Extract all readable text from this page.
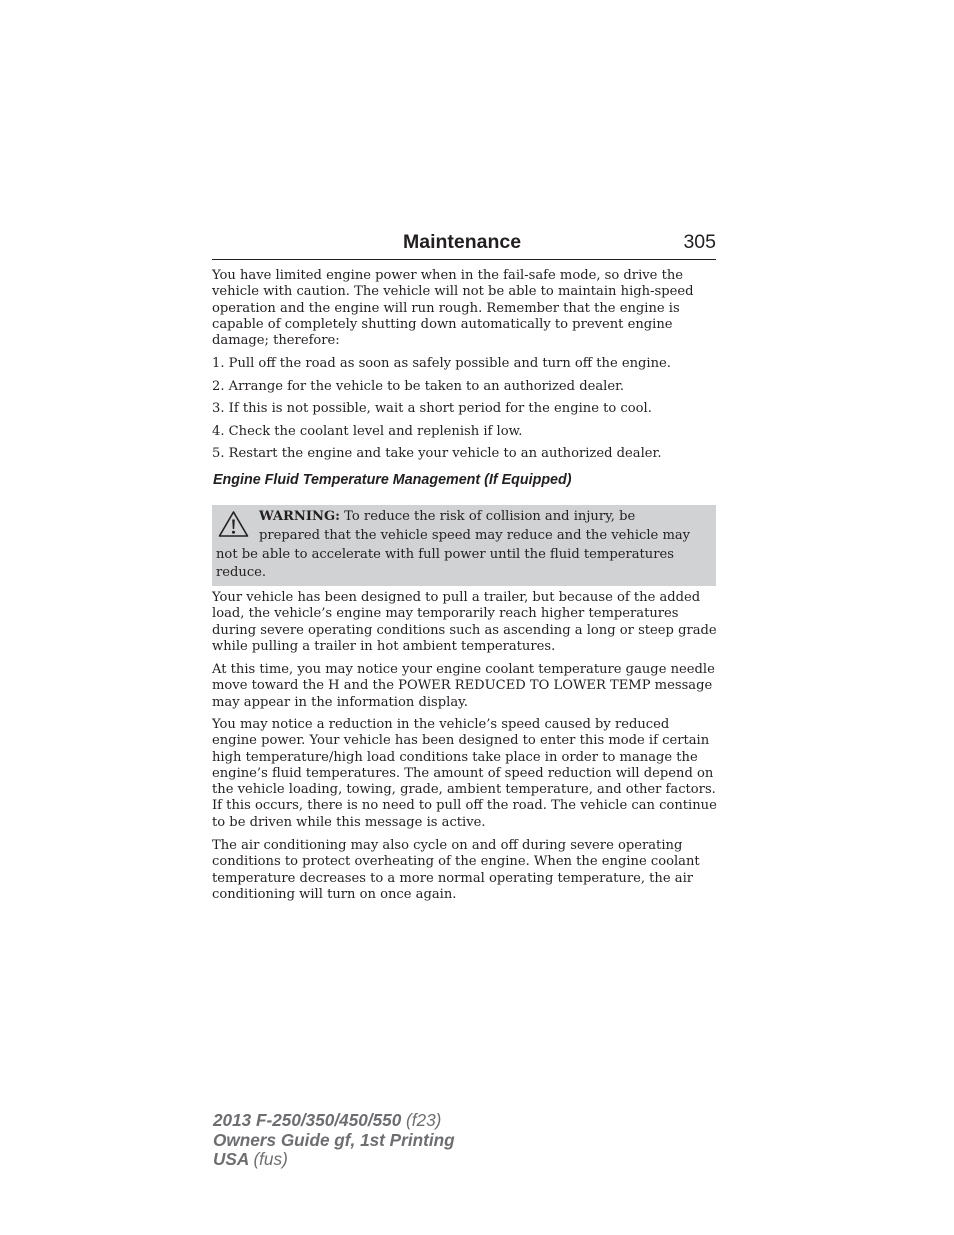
Maintenance	305

You have limited engine power when in the fail-safe mode, so drive the vehicle with caution. The vehicle will not be able to maintain high-speed operation and the engine will run rough. Remember that the engine is capable of completely shutting down automatically to prevent engine damage; therefore:

1. Pull off the road as soon as safely possible and turn off the engine.

2. Arrange for the vehicle to be taken to an authorized dealer.

3. If this is not possible, wait a short period for the engine to cool.

4. Check the coolant level and replenish if low.

5. Restart the engine and take your vehicle to an authorized dealer.

Engine Fluid Temperature Management (If Equipped)
WARNING: To reduce the risk of collision and injury, be

prepared that the vehicle speed may reduce and the vehicle may not be able to accelerate with full power until the fluid temperatures reduce.

Your vehicle has been designed to pull a trailer, but because of the added load, the vehicle’s engine may temporarily reach higher temperatures during severe operating conditions such as ascending a long or steep grade while pulling a trailer in hot ambient temperatures.

At this time, you may notice your engine coolant temperature gauge needle move toward the H and the POWER REDUCED TO LOWER TEMP message may appear in the information display.

You may notice a reduction in the vehicle’s speed caused by reduced engine power. Your vehicle has been designed to enter this mode if certain high temperature/high load conditions take place in order to manage the engine’s fluid temperatures. The amount of speed reduction will depend on the vehicle loading, towing, grade, ambient temperature, and other factors. If this occurs, there is no need to pull off the road. The vehicle can continue to be driven while this message is active.

The air conditioning may also cycle on and off during severe operating conditions to protect overheating of the engine. When the engine coolant temperature decreases to a more normal operating temperature, the air conditioning will turn on once again.

2013 F-250/350/450/550 (f23)
Owners Guide gf, 1st Printing
USA (fus)
